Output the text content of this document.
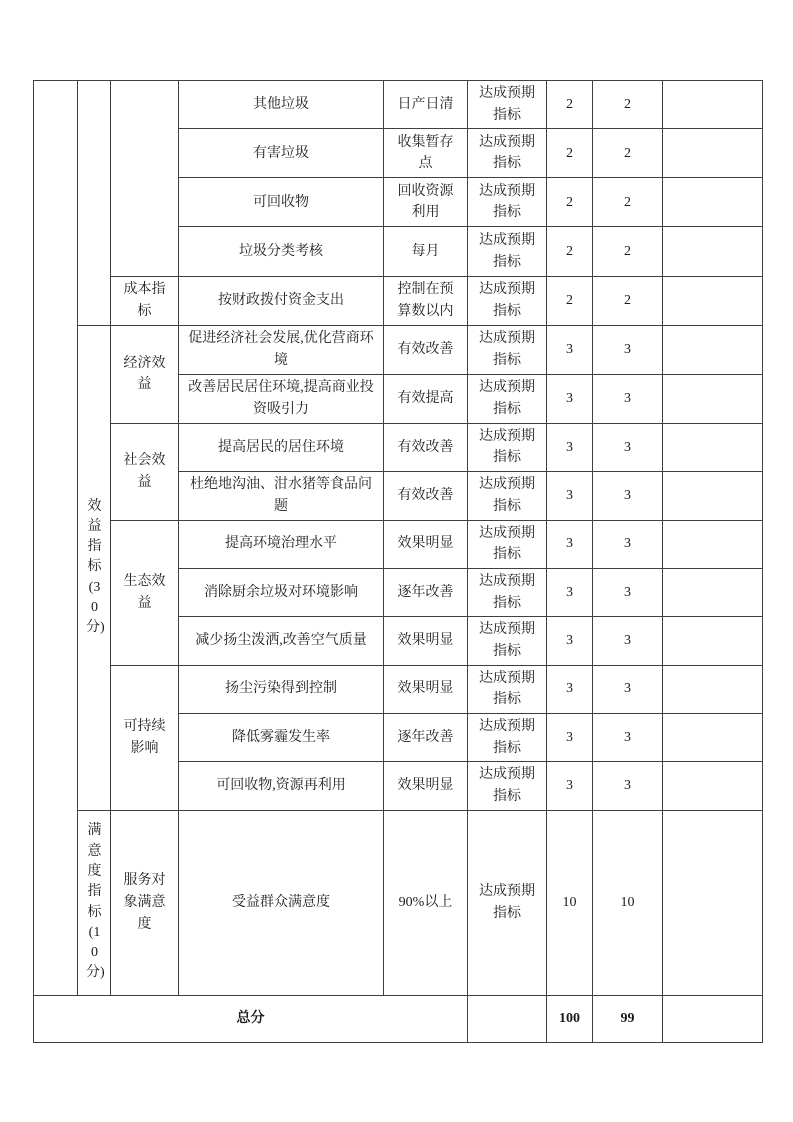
			其他垃圾	日产日清	达成预期指标	2	2	
			有害垃圾	收集暂存点	达成预期指标	2	2	
			可回收物	回收资源利用	达成预期指标	2	2	
			垃圾分类考核	每月	达成预期指标	2	2	
		成本指标	按财政拨付资金支出	控制在预算数以内	达成预期指标	2	2	
	效益指标(30分)	经济效益	促进经济社会发展,优化营商环境	有效改善	达成预期指标	3	3	
			改善居民居住环境,提高商业投资吸引力	有效提高	达成预期指标	3	3	
		社会效益	提高居民的居住环境	有效改善	达成预期指标	3	3	
			杜绝地沟油、泔水猪等食品问题	有效改善	达成预期指标	3	3	
		生态效益	提高环境治理水平	效果明显	达成预期指标	3	3	
			消除厨余垃圾对环境影响	逐年改善	达成预期指标	3	3	
			减少扬尘泼洒,改善空气质量	效果明显	达成预期指标	3	3	
		可持续影响	扬尘污染得到控制	效果明显	达成预期指标	3	3	
			降低雾霾发生率	逐年改善	达成预期指标	3	3	
			可回收物,资源再利用	效果明显	达成预期指标	3	3	
	满意度指标(10分)	服务对象满意度	受益群众满意度	90%以上	达成预期指标	10	10	
总分						100	99	
